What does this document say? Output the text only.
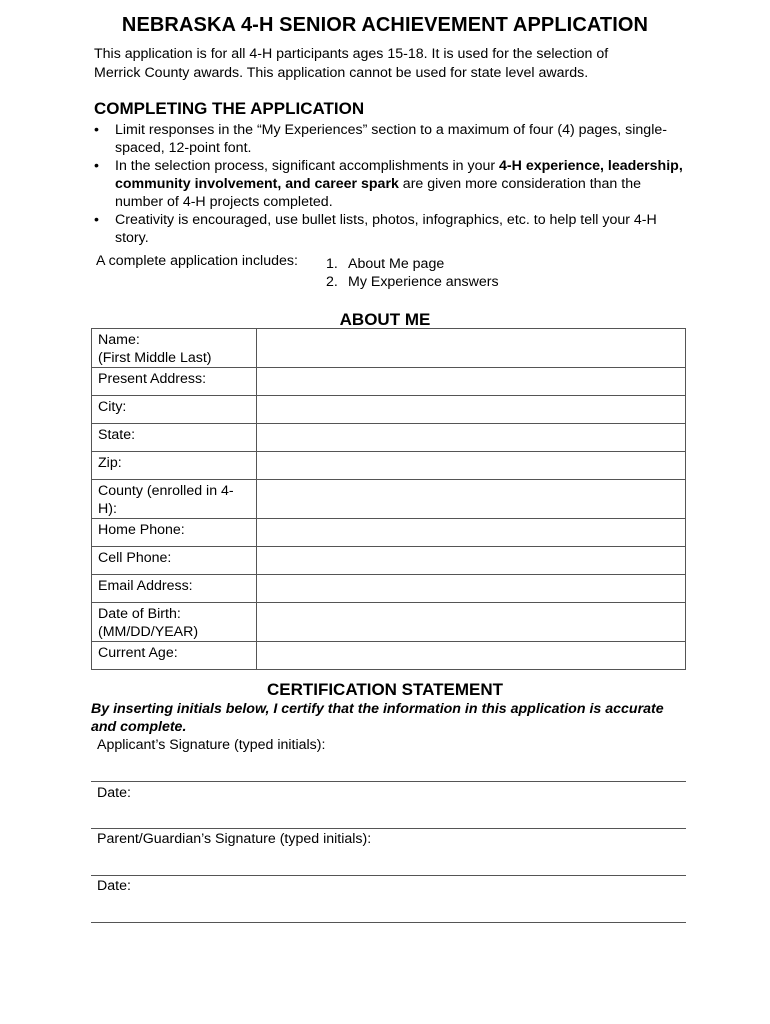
NEBRASKA 4-H SENIOR ACHIEVEMENT APPLICATION
This application is for all 4-H participants ages 15-18. It is used for the selection of
Merrick County awards. This application cannot be used for state level awards.
COMPLETING THE APPLICATION
• Limit responses in the “My Experiences” section to a maximum of four (4) pages, single-spaced, 12-point font.
• In the selection process, significant accomplishments in your 4-H experience, leadership, community involvement, and career spark are given more consideration than the number of 4-H projects completed.
• Creativity is encouraged, use bullet lists, photos, infographics, etc. to help tell your 4-H story.
A complete application includes: 1. About Me page
2. My Experience answers
ABOUT ME
Name:
(First Middle Last)	
Present Address:	
City:	
State:	
Zip:	
County (enrolled in 4-
H):	
Home Phone:	
Cell Phone:	
Email Address:	
Date of Birth:
(MM/DD/YEAR)	
Current Age:	
CERTIFICATION STATEMENT
By inserting initials below, I certify that the information in this application is accurate and complete.
Applicant’s Signature (typed initials):
Date:
Parent/Guardian’s Signature (typed initials):
Date:
